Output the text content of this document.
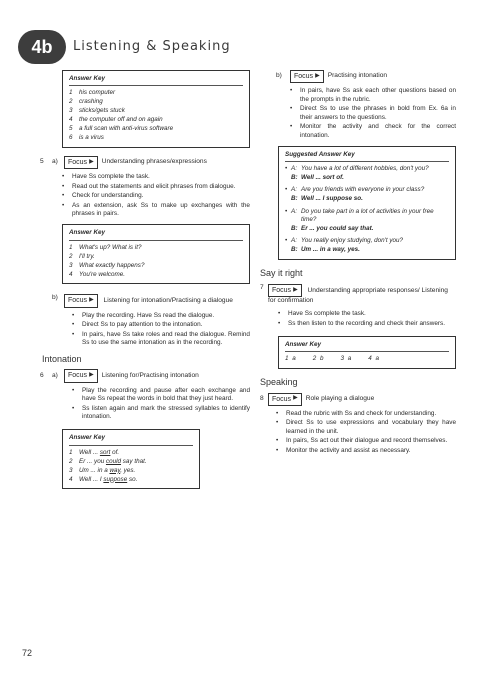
4b	Listening & Speaking
Answer Key
1 his computer
2 crashing
3 sticks/gets stuck
4 the computer off and on again
5 a full scan with anti-virus software
6 is a virus
5	a)	Focus ▶ Understanding phrases/expressions
• Have Ss complete the task.
• Read out the statements and elicit phrases from dialogue.
• Check for understanding.
• As an extension, ask Ss to make up exchanges with the phrases in pairs.
Answer Key
1 What's up? What is it?
2 I'll try.
3 What exactly happens?
4 You're welcome.
b)	Focus ▶ Listening for intonation/Practising a dialogue
• Play the recording. Have Ss read the dialogue.
• Direct Ss to pay attention to the intonation.
• In pairs, have Ss take roles and read the dialogue. Remind Ss to use the same intonation as in the recording.
Intonation
6	a)	Focus ▶ Listening for/Practising intonation
• Play the recording and pause after each exchange and have Ss repeat the words in bold that they just heard.
• Ss listen again and mark the stressed syllables to identify intonation.
Answer Key
1 Well ... sort of.
2 Er ... you could say that.
3 Um ... in a way, yes.
4 Well ... I suppose so.
b)	Focus ▶ Practising intonation
• In pairs, have Ss ask each other questions based on the prompts in the rubric.
• Direct Ss to use the phrases in bold from Ex. 6a in their answers to the questions.
• Monitor the activity and check for the correct intonation.
Suggested Answer Key
• A: You have a lot of different hobbies, don't you?
B: Well ... sort of.
• A: Are you friends with everyone in your class?
B: Well ... I suppose so.
• A: Do you take part in a lot of activities in your free time?
B: Er ... you could say that.
• A: You really enjoy studying, don't you?
B: Um ... in a way, yes.
Say it right
7	Focus ▶ Understanding appropriate responses/ Listening for confirmation
• Have Ss complete the task.
• Ss then listen to the recording and check their answers.
Answer Key
1 a	2 b	3 a	4 a
Speaking
8	Focus ▶ Role playing a dialogue
• Read the rubric with Ss and check for understanding.
• Direct Ss to use expressions and vocabulary they have learned in the unit.
• In pairs, Ss act out their dialogue and record themselves.
• Monitor the activity and assist as necessary.
72
